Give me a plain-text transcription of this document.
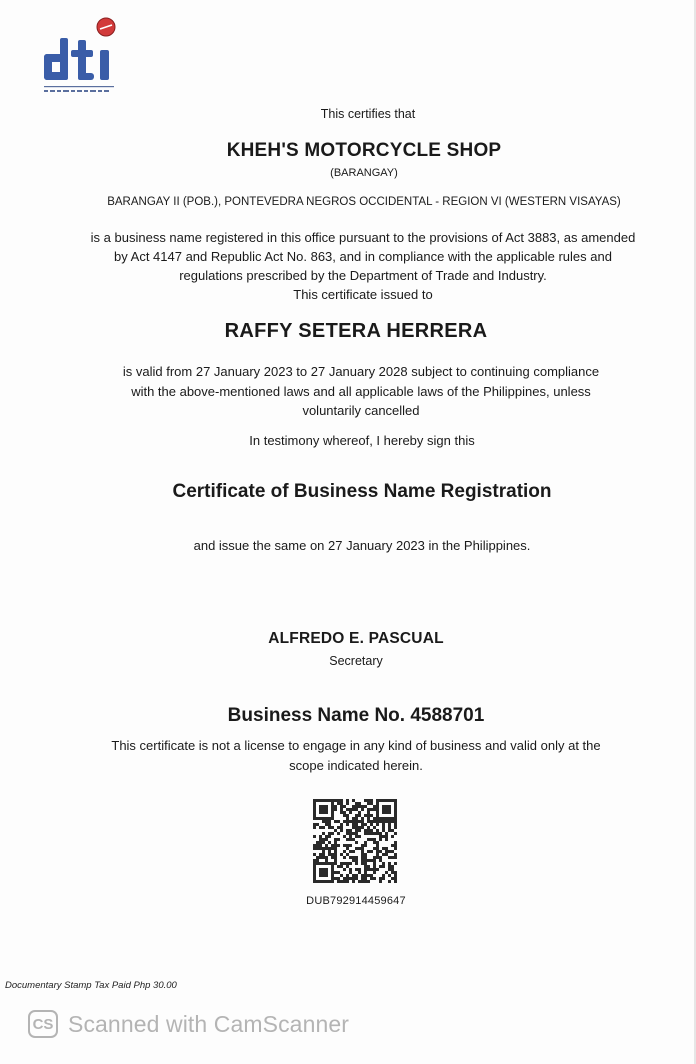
This certifies that
KHEH'S MOTORCYCLE SHOP
(BARANGAY)
BARANGAY II (POB.), PONTEVEDRA NEGROS OCCIDENTAL - REGION VI (WESTERN VISAYAS)
is a business name registered in this office pursuant to the provisions of Act 3883, as amended
by Act 4147 and Republic Act No. 863, and in compliance with the applicable rules and
regulations prescribed by the Department of Trade and Industry.
This certificate issued to
RAFFY SETERA HERRERA
is valid from 27 January 2023 to 27 January 2028 subject to continuing compliance
with the above-mentioned laws and all applicable laws of the Philippines, unless
voluntarily cancelled
In testimony whereof, I hereby sign this
Certificate of Business Name Registration
and issue the same on 27 January 2023 in the Philippines.
ALFREDO E. PASCUAL
Secretary
Business Name No. 4588701
This certificate is not a license to engage in any kind of business and valid only at the
scope indicated herein.
DUB792914459647
Documentary Stamp Tax Paid Php 30.00
CS Scanned with CamScanner
